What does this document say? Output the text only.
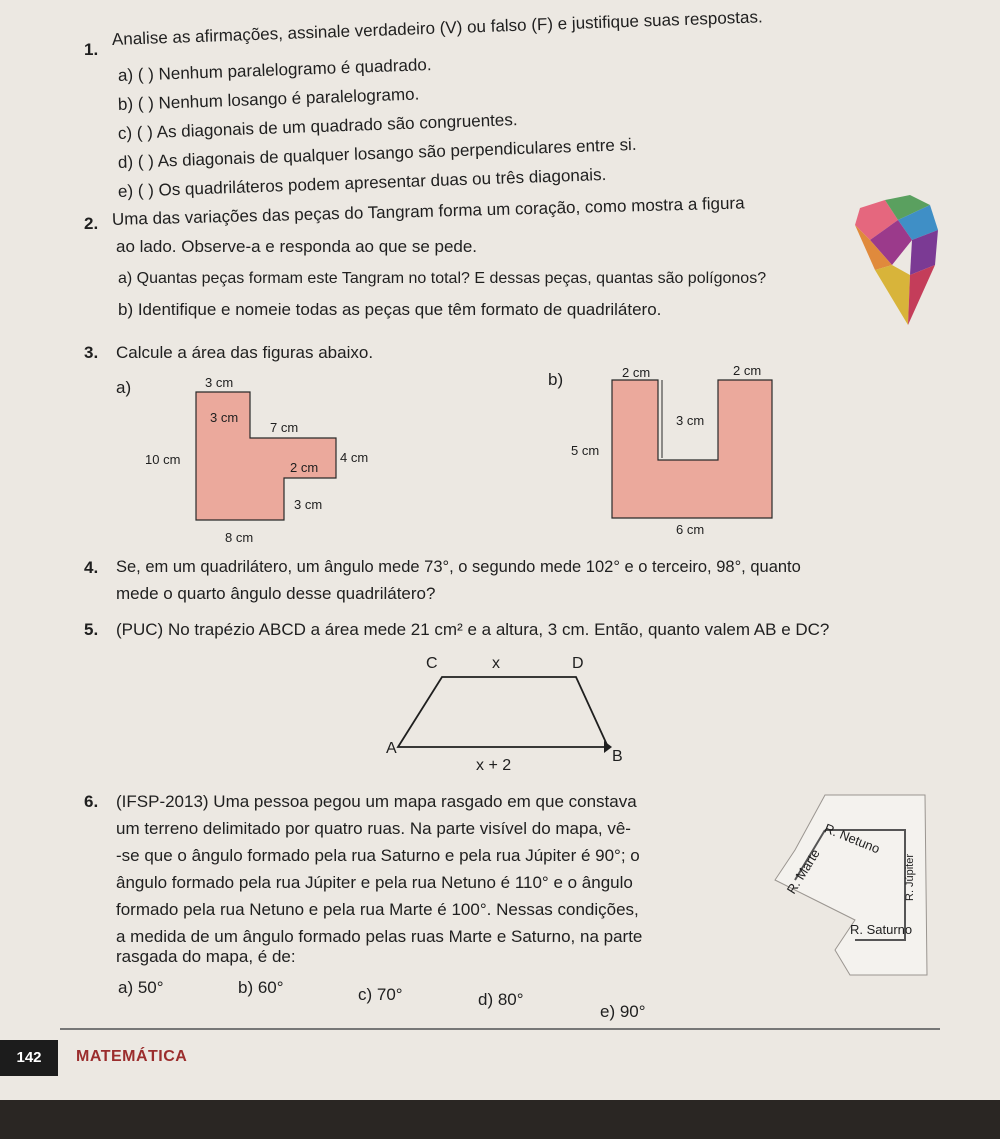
1.
Analise as afirmações, assinale verdadeiro (V) ou falso (F) e justifique suas respostas.
a) ( ) Nenhum paralelogramo é quadrado.
b) ( ) Nenhum losango é paralelogramo.
c) ( ) As diagonais de um quadrado são congruentes.
d) ( ) As diagonais de qualquer losango são perpendiculares entre si.
e) ( ) Os quadriláteros podem apresentar duas ou três diagonais.
2. Uma das variações das peças do Tangram forma um coração, como mostra a figura
ao lado. Observe-a e responda ao que se pede.
a) Quantas peças formam este Tangram no total? E dessas peças, quantas são polígonos?
b) Identifique e nomeie todas as peças que têm formato de quadrilátero.
3. Calcule a área das figuras abaixo.
a)	3 cm
3 cm
7 cm
10 cm	4 cm
2 cm
3 cm
8 cm
b)	2 cm	2 cm
3 cm
5 cm
6 cm
4. Se, em um quadrilátero, um ângulo mede 73°, o segundo mede 102° e o terceiro, 98°, quanto
mede o quarto ângulo desse quadrilátero?
5. (PUC) No trapézio ABCD a área mede 21 cm² e a altura, 3 cm. Então, quanto valem AB e DC?
C	x	D
A
x + 2
B
6. (IFSP-2013) Uma pessoa pegou um mapa rasgado em que constava
um terreno delimitado por quatro ruas. Na parte visível do mapa, vê-
-se que o ângulo formado pela rua Saturno e pela rua Júpiter é 90°; o
ângulo formado pela rua Júpiter e pela rua Netuno é 110° e o ângulo
formado pela rua Netuno e pela rua Marte é 100°. Nessas condições,
a medida de um ângulo formado pelas ruas Marte e Saturno, na parte
rasgada do mapa, é de:
R. Netuno
R. Marte	R. Júpiter
R. Saturno
a) 50°	b) 60°	c) 70°	d) 80°
e) 90°
142	MATEMÁTICA
